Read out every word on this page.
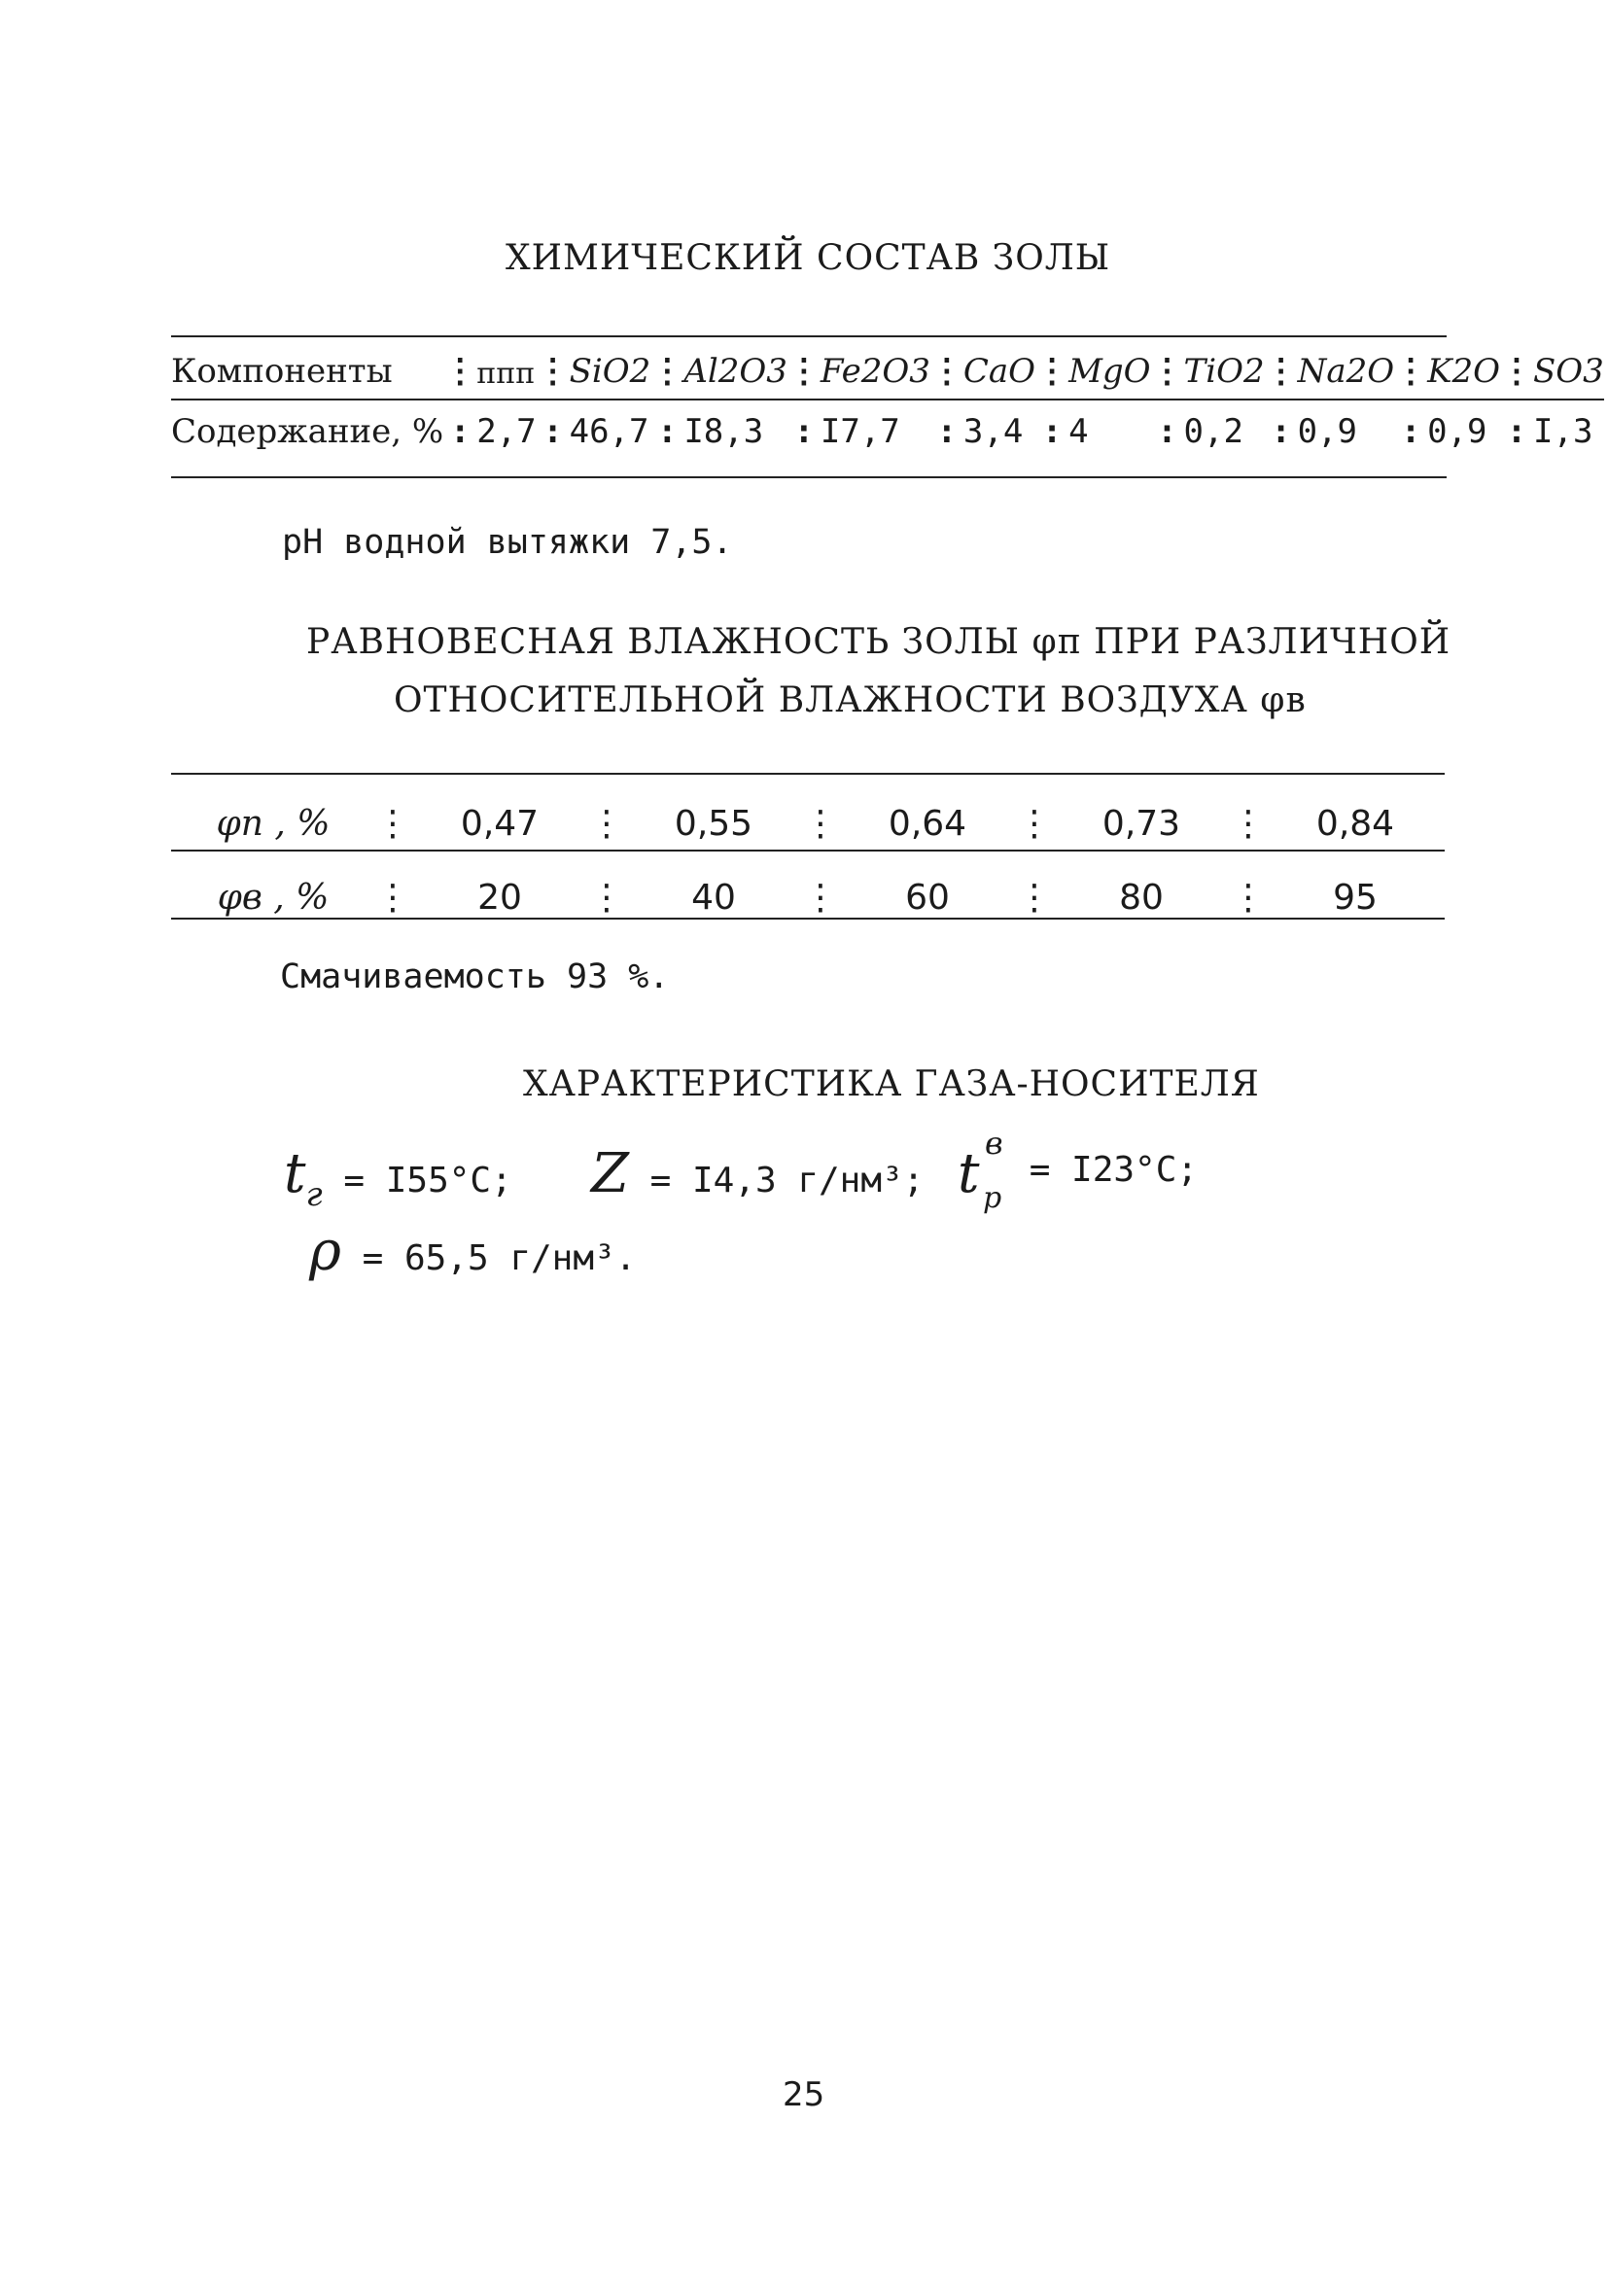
ХИМИЧЕСКИЙ СОСТАВ ЗОЛЫ
Компоненты	⋮	ппп	⋮	SiO2	⋮	Al2O3	⋮	Fe2O3	⋮	CaO	⋮	MgO	⋮	TiO2	⋮	Na2O	⋮	K2O	⋮	SO3
Содержание, %	:	2,7	:	46,7	:	I8,3	:	I7,7	:	3,4	:	4	:	0,2	:	0,9	:	0,9	:	I,3
pH водной вытяжки 7,5.
РАВНОВЕСНАЯ ВЛАЖНОСТЬ ЗОЛЫ φп ПРИ РАЗЛИЧНОЙ
ОТНОСИТЕЛЬНОЙ ВЛАЖНОСТИ ВОЗДУХА φв
φп , %	⋮	0,47	⋮	0,55	⋮	0,64	⋮	0,73	⋮	0,84
φв , %	⋮	20	⋮	40	⋮	60	⋮	80	⋮	95
Смачиваемость 93 %.
ХАРАКТЕРИСТИКА ГАЗА-НОСИТЕЛЯ
tг = I55°C; Z = I4,3 г/нм³; t в
р
= I23°C;
ρ = 65,5 г/нм³.
25
